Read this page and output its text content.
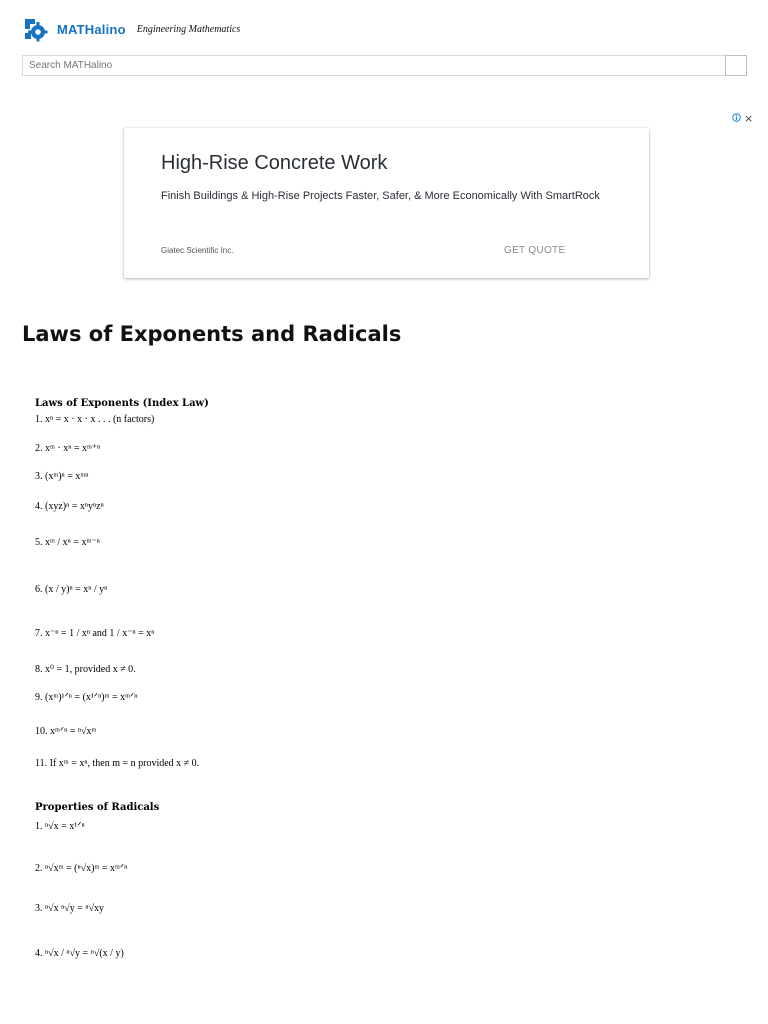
MATHalino Engineering Mathematics
Search MATHalino
×
High-Rise Concrete Work
Finish Buildings & High-Rise Projects Faster, Safer, & More Economically With SmartRock
Giatec Scientific Inc.	GET QUOTE
Laws of Exponents and Radicals
Laws of Exponents (Index Law)
1. xⁿ = x · x · x . . . (n factors)
2. xᵐ · xⁿ = xᵐ⁺ⁿ
3. (xᵐ)ⁿ = xᵐⁿ
4. (xyz)ⁿ = xⁿyⁿzⁿ
5. xᵐ / xⁿ = xᵐ⁻ⁿ
6. (x / y)ⁿ = xⁿ / yⁿ
7. x⁻ⁿ = 1 / xⁿ and 1 / x⁻ⁿ = xⁿ
8. x⁰ = 1, provided x ≠ 0.
9. (xᵐ)¹ᐟⁿ = (x¹ᐟⁿ)ᵐ = xᵐᐟⁿ
10. xᵐᐟⁿ = ⁿ√xᵐ
11. If xᵐ = xⁿ, then m = n provided x ≠ 0.
Properties of Radicals
1. ⁿ√x = x¹ᐟⁿ
2. ⁿ√xᵐ = (ⁿ√x)ᵐ = xᵐᐟⁿ
3. ⁿ√x ⁿ√y = ⁿ√xy
4. ⁿ√x / ⁿ√y = ⁿ√(x / y)
